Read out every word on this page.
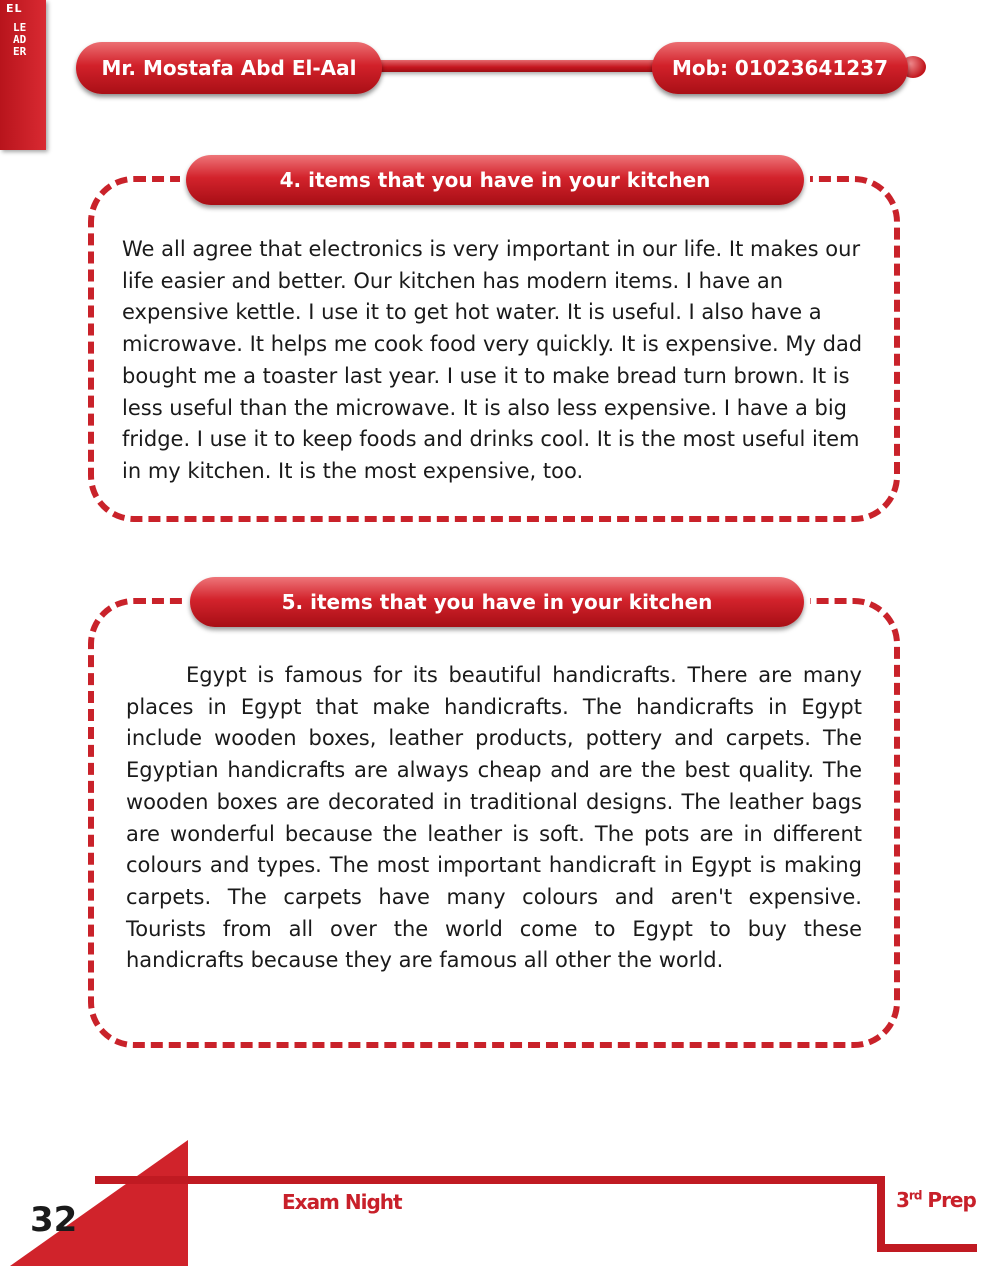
EL
LEADER
Mr. Mostafa Abd El-Aal	Mob: 01023641237
4. items that you have in your kitchen
We all agree that electronics is very important in our life. It makes our life easier and better. Our kitchen has modern items. I have an expensive kettle. I use it to get hot water. It is useful. I also have a microwave. It helps me cook food very quickly. It is expensive. My dad bought me a toaster last year. I use it to make bread turn brown. It is less useful than the microwave. It is also less expensive. I have a big fridge. I use it to keep foods and drinks cool. It is the most useful item in my kitchen. It is the most expensive, too.
5. items that you have in your kitchen
Egypt is famous for its beautiful handicrafts. There are many places in Egypt that make handicrafts. The handicrafts in Egypt include wooden boxes, leather products, pottery and carpets. The Egyptian handicrafts are always cheap and are the best quality. The wooden boxes are decorated in traditional designs. The leather bags are wonderful because the leather is soft. The pots are in different colours and types. The most important handicraft in Egypt is making carpets. The carpets have many colours and aren't expensive. Tourists from all over the world come to Egypt to buy these handicrafts because they are famous all other the world.
32	Exam Night	3rd Prep
